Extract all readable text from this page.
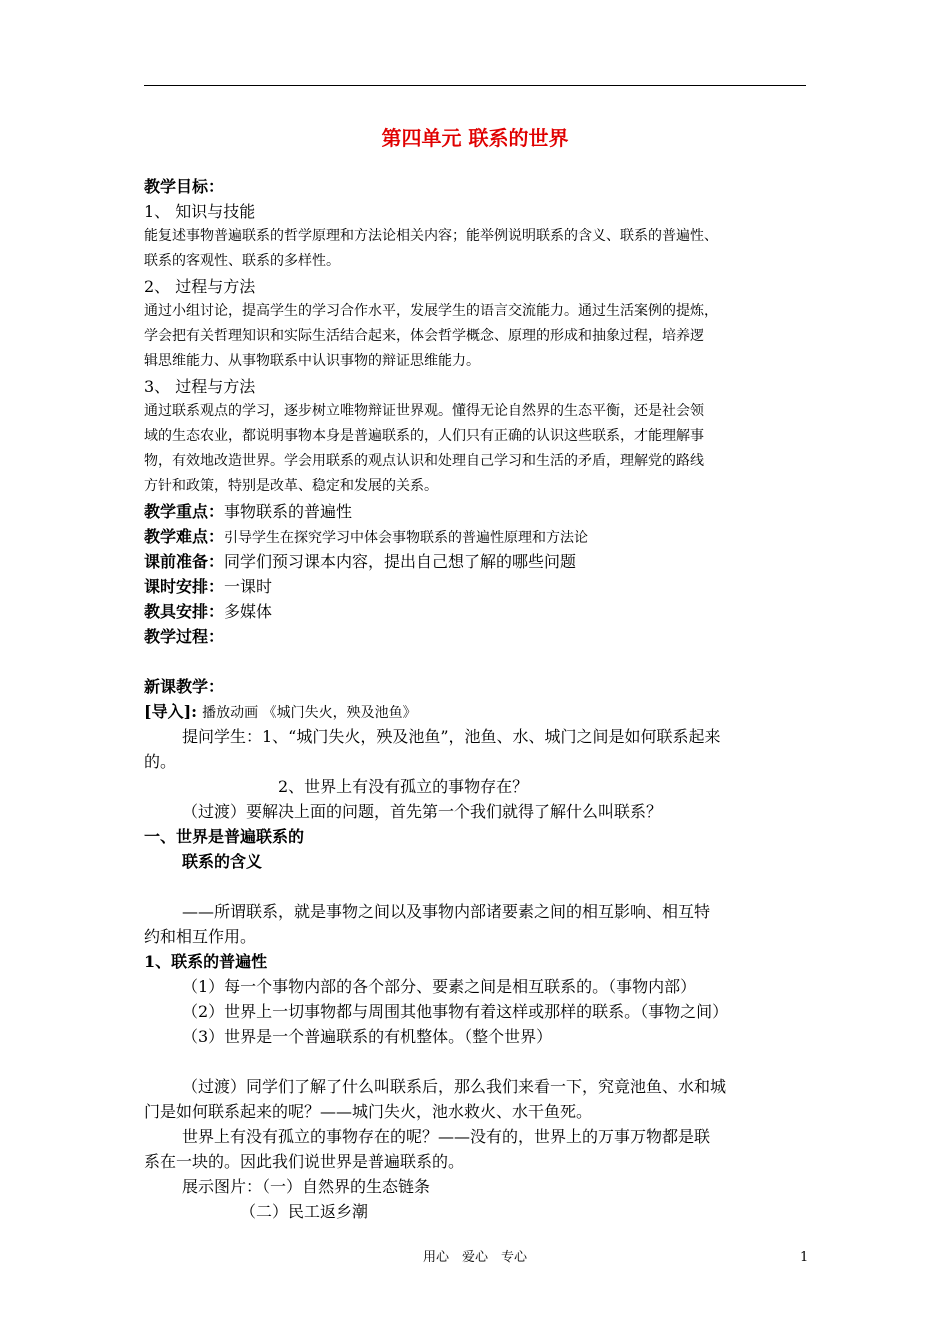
第四单元 联系的世界
教学目标：
1、 知识与技能
能复述事物普遍联系的哲学原理和方法论相关内容；能举例说明联系的含义、联系的普遍性、
联系的客观性、联系的多样性。
2、 过程与方法
通过小组讨论，提高学生的学习合作水平，发展学生的语言交流能力。通过生活案例的提炼，
学会把有关哲理知识和实际生活结合起来，体会哲学概念、原理的形成和抽象过程，培养逻
辑思维能力、从事物联系中认识事物的辩证思维能力。
3、 过程与方法
通过联系观点的学习，逐步树立唯物辩证世界观。懂得无论自然界的生态平衡，还是社会领
域的生态农业，都说明事物本身是普遍联系的，人们只有正确的认识这些联系，才能理解事
物，有效地改造世界。学会用联系的观点认识和处理自己学习和生活的矛盾，理解党的路线
方针和政策，特别是改革、稳定和发展的关系。
教学重点：事物联系的普遍性
教学难点：引导学生在探究学习中体会事物联系的普遍性原理和方法论
课前准备：同学们预习课本内容，提出自己想了解的哪些问题
课时安排：一课时
教具安排：多媒体
教学过程：
新课教学：
[导入]: 播放动画 《城门失火，殃及池鱼》
提问学生：1、“城门失火，殃及池鱼”，池鱼、水、城门之间是如何联系起来
的。
2、世界上有没有孤立的事物存在？
（过渡）要解决上面的问题，首先第一个我们就得了解什么叫联系？
一、世界是普遍联系的
联系的含义
——所谓联系，就是事物之间以及事物内部诸要素之间的相互影响、相互特
约和相互作用。
1、联系的普遍性
（1）每一个事物内部的各个部分、要素之间是相互联系的。（事物内部）
（2）世界上一切事物都与周围其他事物有着这样或那样的联系。（事物之间）
（3）世界是一个普遍联系的有机整体。（整个世界）
（过渡）同学们了解了什么叫联系后，那么我们来看一下，究竟池鱼、水和城
门是如何联系起来的呢？——城门失火，池水救火、水干鱼死。
世界上有没有孤立的事物存在的呢？——没有的，世界上的万事万物都是联
系在一块的。因此我们说世界是普遍联系的。
展示图片：（一）自然界的生态链条
（二）民工返乡潮
用心　爱心　专心	1
